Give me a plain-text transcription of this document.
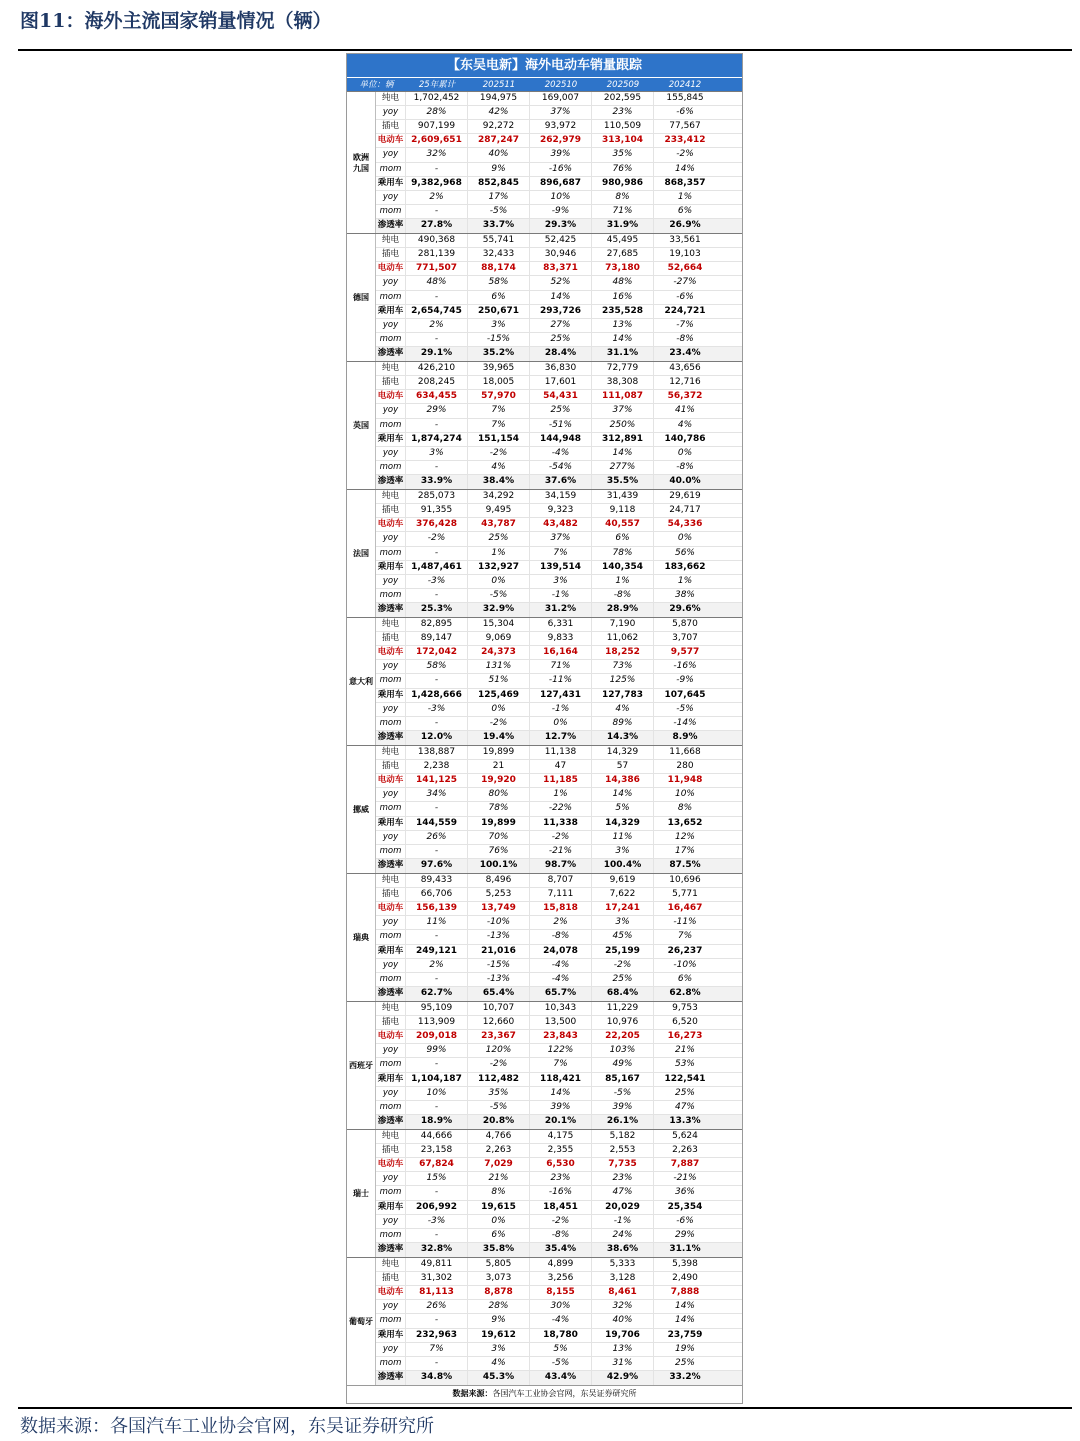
图11：海外主流国家销量情况（辆）
【东吴电新】海外电动车销量跟踪
单位：辆	25年累计	202511	202510	202509	202412
欧洲
九国
纯电	1,702,452	194,975	169,007	202,595	155,845
yoy	28%	42%	37%	23%	-6%
插电	907,199	92,272	93,972	110,509	77,567
电动车 2,609,651	287,247	262,979	313,104	233,412
yoy	32%	40%	39%	35%	-2%
mom	-	9%	-16%	76%	14%
乘用车 9,382,968	852,845	896,687	980,986	868,357
yoy	2%	17%	10%	8%	1%
mom	-	-5%	-9%	71%	6%
渗透率	27.8%	33.7%	29.3%	31.9%	26.9%
德国
纯电	490,368	55,741	52,425	45,495	33,561
插电	281,139	32,433	30,946	27,685	19,103
电动车	771,507	88,174	83,371	73,180	52,664
yoy	48%	58%	52%	48%	-27%
mom	-	6%	14%	16%	-6%
乘用车 2,654,745	250,671	293,726	235,528	224,721
yoy	2%	3%	27%	13%	-7%
mom	-	-15%	25%	14%	-8%
渗透率	29.1%	35.2%	28.4%	31.1%	23.4%
英国
纯电	426,210	39,965	36,830	72,779	43,656
插电	208,245	18,005	17,601	38,308	12,716
电动车	634,455	57,970	54,431	111,087	56,372
yoy	29%	7%	25%	37%	41%
mom	-	7%	-51%	250%	4%
乘用车 1,874,274	151,154	144,948	312,891	140,786
yoy	3%	-2%	-4%	14%	0%
mom	-	4%	-54%	277%	-8%
渗透率	33.9%	38.4%	37.6%	35.5%	40.0%
法国
纯电	285,073	34,292	34,159	31,439	29,619
插电	91,355	9,495	9,323	9,118	24,717
电动车	376,428	43,787	43,482	40,557	54,336
yoy	-2%	25%	37%	6%	0%
mom	-	1%	7%	78%	56%
乘用车 1,487,461	132,927	139,514	140,354	183,662
yoy	-3%	0%	3%	1%	1%
mom	-	-5%	-1%	-8%	38%
渗透率	25.3%	32.9%	31.2%	28.9%	29.6%
意大利
纯电	82,895	15,304	6,331	7,190	5,870
插电	89,147	9,069	9,833	11,062	3,707
电动车	172,042	24,373	16,164	18,252	9,577
yoy	58%	131%	71%	73%	-16%
mom	-	51%	-11%	125%	-9%
乘用车 1,428,666	125,469	127,431	127,783	107,645
yoy	-3%	0%	-1%	4%	-5%
mom	-	-2%	0%	89%	-14%
渗透率	12.0%	19.4%	12.7%	14.3%	8.9%
挪威
纯电	138,887	19,899	11,138	14,329	11,668
插电	2,238	21	47	57	280
电动车	141,125	19,920	11,185	14,386	11,948
yoy	34%	80%	1%	14%	10%
mom	-	78%	-22%	5%	8%
乘用车	144,559	19,899	11,338	14,329	13,652
yoy	26%	70%	-2%	11%	12%
mom	-	76%	-21%	3%	17%
渗透率	97.6%	100.1%	98.7%	100.4%	87.5%
瑞典
纯电	89,433	8,496	8,707	9,619	10,696
插电	66,706	5,253	7,111	7,622	5,771
电动车	156,139	13,749	15,818	17,241	16,467
yoy	11%	-10%	2%	3%	-11%
mom	-	-13%	-8%	45%	7%
乘用车	249,121	21,016	24,078	25,199	26,237
yoy	2%	-15%	-4%	-2%	-10%
mom	-	-13%	-4%	25%	6%
渗透率	62.7%	65.4%	65.7%	68.4%	62.8%
西班牙
纯电	95,109	10,707	10,343	11,229	9,753
插电	113,909	12,660	13,500	10,976	6,520
电动车	209,018	23,367	23,843	22,205	16,273
yoy	99%	120%	122%	103%	21%
mom	-	-2%	7%	49%	53%
乘用车 1,104,187	112,482	118,421	85,167	122,541
yoy	10%	35%	14%	-5%	25%
mom	-	-5%	39%	39%	47%
渗透率	18.9%	20.8%	20.1%	26.1%	13.3%
瑞士
纯电	44,666	4,766	4,175	5,182	5,624
插电	23,158	2,263	2,355	2,553	2,263
电动车	67,824	7,029	6,530	7,735	7,887
yoy	15%	21%	23%	23%	-21%
mom	-	8%	-16%	47%	36%
乘用车	206,992	19,615	18,451	20,029	25,354
yoy	-3%	0%	-2%	-1%	-6%
mom	-	6%	-8%	24%	29%
渗透率	32.8%	35.8%	35.4%	38.6%	31.1%
葡萄牙
纯电	49,811	5,805	4,899	5,333	5,398
插电	31,302	3,073	3,256	3,128	2,490
电动车	81,113	8,878	8,155	8,461	7,888
yoy	26%	28%	30%	32%	14%
mom	-	9%	-4%	40%	14%
乘用车	232,963	19,612	18,780	19,706	23,759
yoy	7%	3%	5%	13%	19%
mom	-	4%	-5%	31%	25%
渗透率	34.8%	45.3%	43.4%	42.9%	33.2%
数据来源：各国汽车工业协会官网，东吴证券研究所
数据来源：各国汽车工业协会官网，东吴证券研究所
